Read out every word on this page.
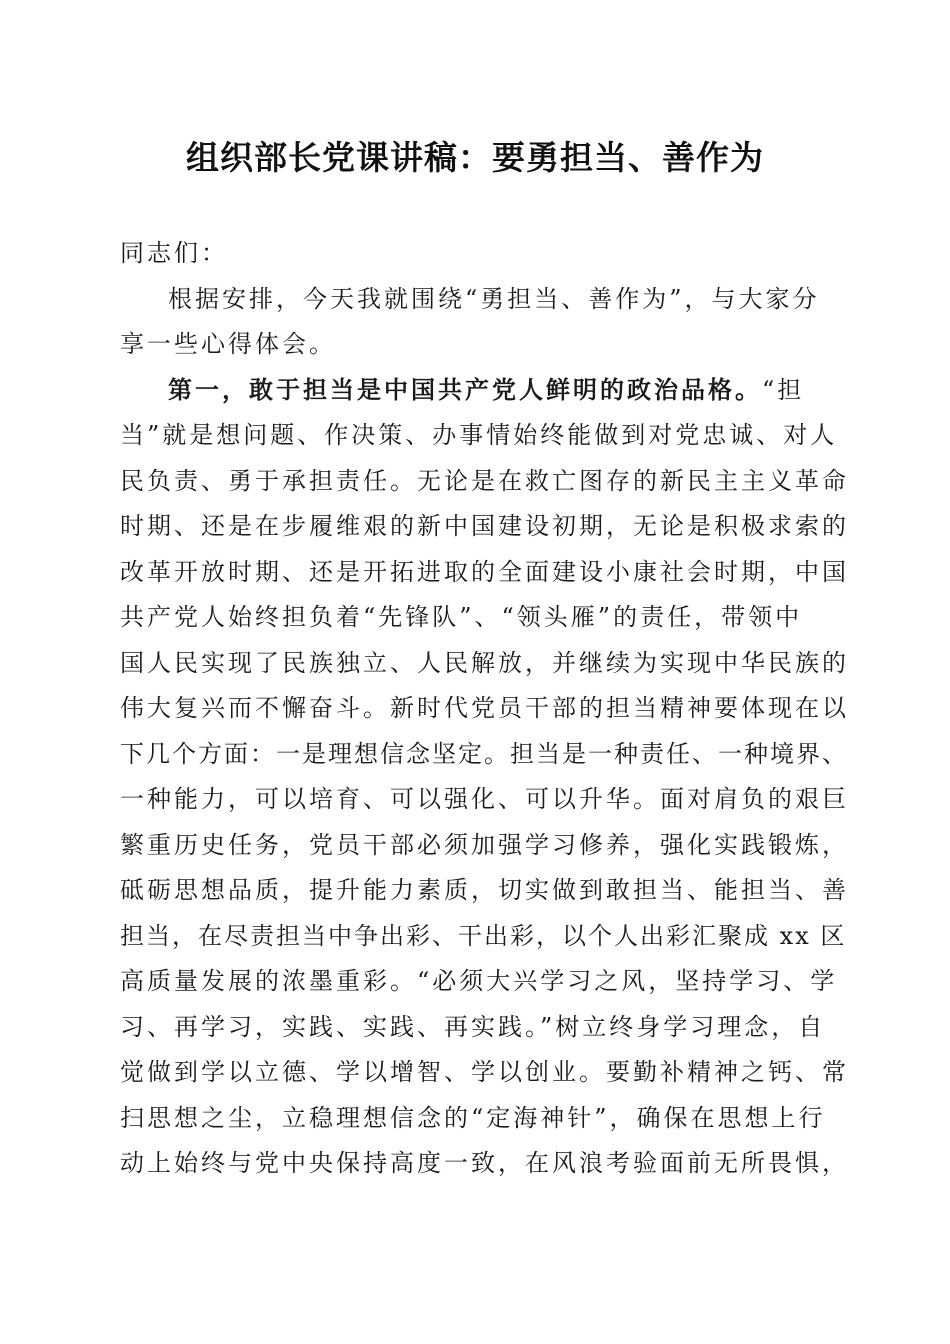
组织部长党课讲稿：要勇担当、善作为
同志们：
根据安排，今天我就围绕“勇担当、善作为”，与大家分
享一些心得体会。
第一，敢于担当是中国共产党人鲜明的政治品格。“担
当”就是想问题、作决策、办事情始终能做到对党忠诚、对人
民负责、勇于承担责任。无论是在救亡图存的新民主主义革命
时期、还是在步履维艰的新中国建设初期，无论是积极求索的
改革开放时期、还是开拓进取的全面建设小康社会时期，中国
共产党人始终担负着“先锋队”、“领头雁”的责任，带领中
国人民实现了民族独立、人民解放，并继续为实现中华民族的
伟大复兴而不懈奋斗。新时代党员干部的担当精神要体现在以
下几个方面：一是理想信念坚定。担当是一种责任、一种境界、
一种能力，可以培育、可以强化、可以升华。面对肩负的艰巨
繁重历史任务，党员干部必须加强学习修养，强化实践锻炼，
砥砺思想品质，提升能力素质，切实做到敢担当、能担当、善
担当，在尽责担当中争出彩、干出彩，以个人出彩汇聚成 xx 区
高质量发展的浓墨重彩。“必须大兴学习之风，坚持学习、学
习、再学习，实践、实践、再实践。”树立终身学习理念，自
觉做到学以立德、学以增智、学以创业。要勤补精神之钙、常
扫思想之尘，立稳理想信念的“定海神针”，确保在思想上行
动上始终与党中央保持高度一致，在风浪考验面前无所畏惧，
